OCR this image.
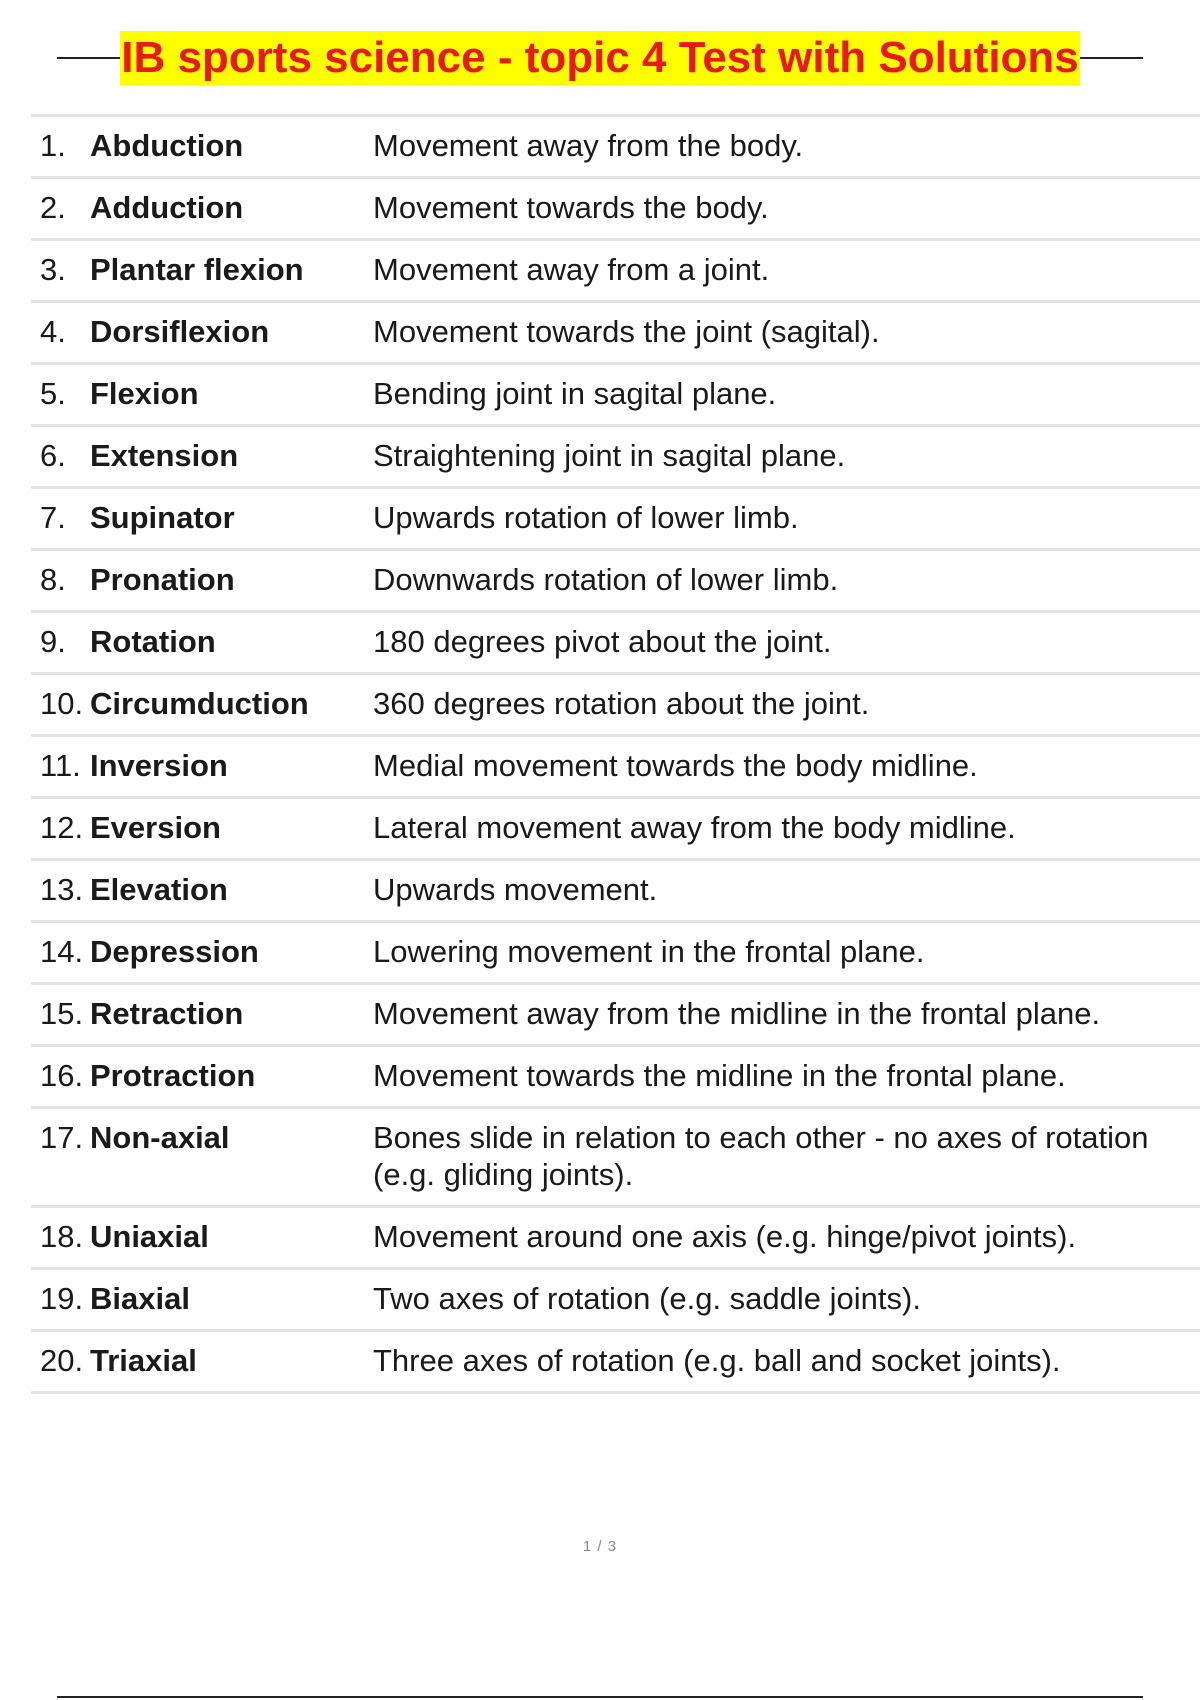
IB sports science - topic 4 Test with Solutions
1. Abduction	Movement away from the body.
2. Adduction	Movement towards the body.
3. Plantar flexion	Movement away from a joint.
4. Dorsiflexion	Movement towards the joint (sagital).
5. Flexion	Bending joint in sagital plane.
6. Extension	Straightening joint in sagital plane.
7. Supinator	Upwards rotation of lower limb.
8. Pronation	Downwards rotation of lower limb.
9. Rotation	180 degrees pivot about the joint.
10. Circumduction	360 degrees rotation about the joint.
11. Inversion	Medial movement towards the body midline.
12. Eversion	Lateral movement away from the body midline.
13. Elevation	Upwards movement.
14. Depression	Lowering movement in the frontal plane.
15. Retraction	Movement away from the midline in the frontal plane.
16. Protraction	Movement towards the midline in the frontal plane.
17. Non-axial	Bones slide in relation to each other - no axes of rotation (e.g. gliding joints).
18. Uniaxial	Movement around one axis (e.g. hinge/pivot joints).
19. Biaxial	Two axes of rotation (e.g. saddle joints).
20. Triaxial	Three axes of rotation (e.g. ball and socket joints).
1 / 3
